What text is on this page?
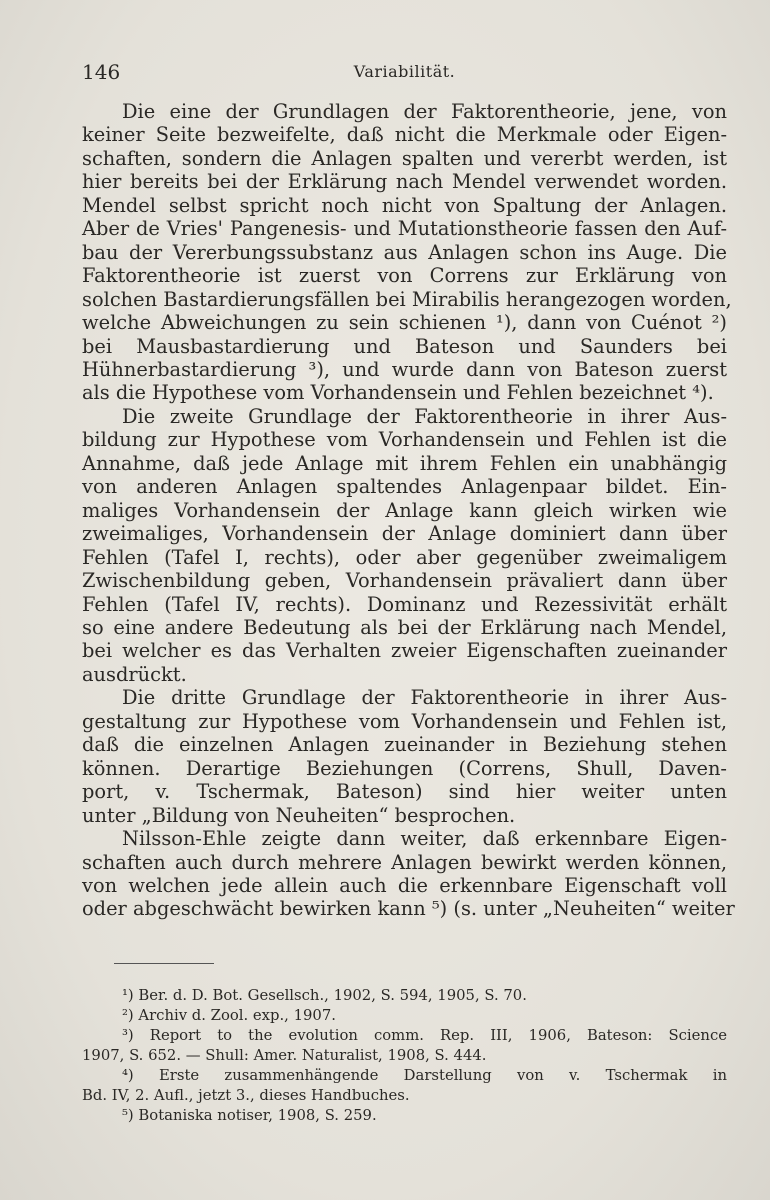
146	Variabilität.

Die eine der Grundlagen der Faktorentheorie, jene, von
keiner Seite bezweifelte, daß nicht die Merkmale oder Eigen-
schaften, sondern die Anlagen spalten und vererbt werden, ist
hier bereits bei der Erklärung nach Mendel verwendet worden.
Mendel selbst spricht noch nicht von Spaltung der Anlagen.
Aber de Vries' Pangenesis- und Mutationstheorie fassen den Auf-
bau der Vererbungssubstanz aus Anlagen schon ins Auge. Die
Faktorentheorie ist zuerst von Correns zur Erklärung von
solchen Bastardierungsfällen bei Mirabilis herangezogen worden,
welche Abweichungen zu sein schienen ¹), dann von Cuénot ²)
bei Mausbastardierung und Bateson und Saunders bei
Hühnerbastardierung ³), und wurde dann von Bateson zuerst
als die Hypothese vom Vorhandensein und Fehlen bezeichnet ⁴).

Die zweite Grundlage der Faktorentheorie in ihrer Aus-
bildung zur Hypothese vom Vorhandensein und Fehlen ist die
Annahme, daß jede Anlage mit ihrem Fehlen ein unabhängig
von anderen Anlagen spaltendes Anlagenpaar bildet. Ein-
maliges Vorhandensein der Anlage kann gleich wirken wie
zweimaliges, Vorhandensein der Anlage dominiert dann über
Fehlen (Tafel I, rechts), oder aber gegenüber zweimaligem
Zwischenbildung geben, Vorhandensein prävaliert dann über
Fehlen (Tafel IV, rechts). Dominanz und Rezessivität erhält
so eine andere Bedeutung als bei der Erklärung nach Mendel,
bei welcher es das Verhalten zweier Eigenschaften zueinander
ausdrückt.

Die dritte Grundlage der Faktorentheorie in ihrer Aus-
gestaltung zur Hypothese vom Vorhandensein und Fehlen ist,
daß die einzelnen Anlagen zueinander in Beziehung stehen
können. Derartige Beziehungen (Correns, Shull, Daven-
port, v. Tschermak, Bateson) sind hier weiter unten
unter „Bildung von Neuheiten“ besprochen.

Nilsson-Ehle zeigte dann weiter, daß erkennbare Eigen-
schaften auch durch mehrere Anlagen bewirkt werden können,
von welchen jede allein auch die erkennbare Eigenschaft voll
oder abgeschwächt bewirken kann ⁵) (s. unter „Neuheiten“ weiter

¹) Ber. d. D. Bot. Gesellsch., 1902, S. 594, 1905, S. 70.
²) Archiv d. Zool. exp., 1907.
³) Report to the evolution comm. Rep. III, 1906, Bateson: Science
1907, S. 652. — Shull: Amer. Naturalist, 1908, S. 444.
⁴) Erste zusammenhängende Darstellung von v. Tschermak in
Bd. IV, 2. Aufl., jetzt 3., dieses Handbuches.
⁵) Botaniska notiser, 1908, S. 259.
